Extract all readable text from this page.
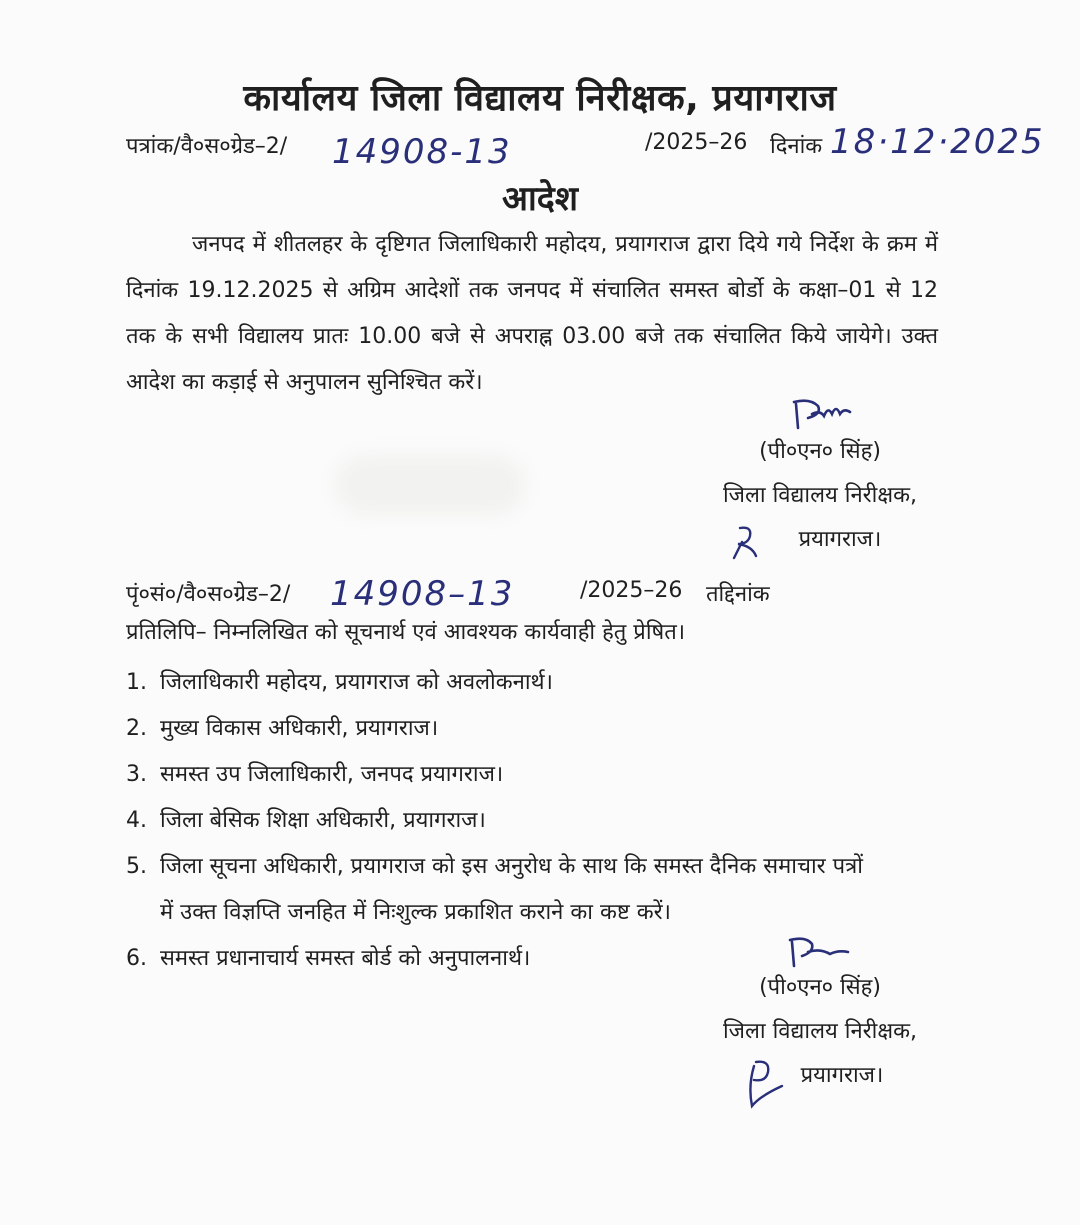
कार्यालय जिला विद्यालय निरीक्षक, प्रयागराज
पत्रांक/वै०स०ग्रेड–2/ 14908-13	/2025–26 दिनांक 18·12·2025
आदेश
जनपद में शीतलहर के दृष्टिगत जिलाधिकारी महोदय, प्रयागराज द्वारा दिये गये निर्देश के क्रम में दिनांक 19.12.2025 से अग्रिम आदेशों तक जनपद में संचालित समस्त बोर्डो के कक्षा–01 से 12 तक के सभी विद्यालय प्रातः 10.00 बजे से अपराह्न 03.00 बजे तक संचालित किये जायेगे। उक्त आदेश का कड़ाई से अनुपालन सुनिश्चित करें।
(पी०एन० सिंह)
जिला विद्यालय निरीक्षक,
प्रयागराज।
पृं०सं०/वै०स०ग्रेड–2/ 14908–13	/2025–26 तद्दिनांक
प्रतिलिपि– निम्नलिखित को सूचनार्थ एवं आवश्यक कार्यवाही हेतु प्रेषित।
1. जिलाधिकारी महोदय, प्रयागराज को अवलोकनार्थ।
2. मुख्य विकास अधिकारी, प्रयागराज।
3. समस्त उप जिलाधिकारी, जनपद प्रयागराज।
4. जिला बेसिक शिक्षा अधिकारी, प्रयागराज।
5. जिला सूचना अधिकारी, प्रयागराज को इस अनुरोध के साथ कि समस्त दैनिक समाचार पत्रों
में उक्त विज्ञप्ति जनहित में निःशुल्क प्रकाशित कराने का कष्ट करें।
6. समस्त प्रधानाचार्य समस्त बोर्ड को अनुपालनार्थ।
(पी०एन० सिंह)
जिला विद्यालय निरीक्षक,
प्रयागराज।
